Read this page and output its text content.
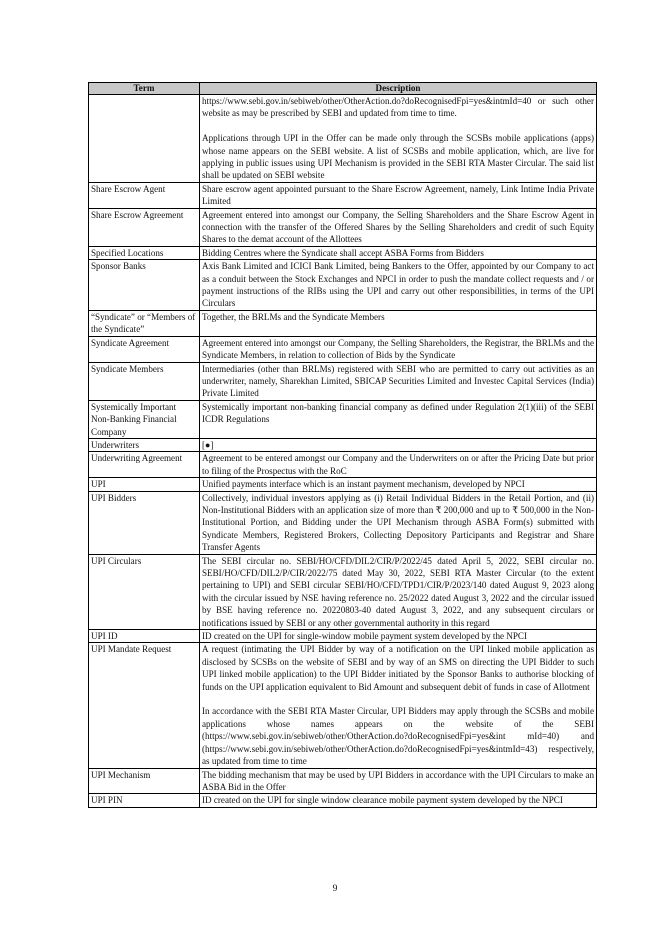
Term	Description

	https://www.sebi.gov.in/sebiweb/other/OtherAction.do?doRecognisedFpi=yes&intmId=40 or such other website as may be prescribed by SEBI and updated from time to time.

Applications through UPI in the Offer can be made only through the SCSBs mobile applications (apps) whose name appears on the SEBI website. A list of SCSBs and mobile application, which, are live for applying in public issues using UPI Mechanism is provided in the SEBI RTA Master Circular. The said list shall be updated on SEBI website

Share Escrow Agent	Share escrow agent appointed pursuant to the Share Escrow Agreement, namely, Link Intime India Private Limited

Share Escrow Agreement	Agreement entered into amongst our Company, the Selling Shareholders and the Share Escrow Agent in connection with the transfer of the Offered Shares by the Selling Shareholders and credit of such Equity Shares to the demat account of the Allottees

Specified Locations	Bidding Centres where the Syndicate shall accept ASBA Forms from Bidders

Sponsor Banks	Axis Bank Limited and ICICI Bank Limited, being Bankers to the Offer, appointed by our Company to act as a conduit between the Stock Exchanges and NPCI in order to push the mandate collect requests and / or payment instructions of the RIBs using the UPI and carry out other responsibilities, in terms of the UPI Circulars

“Syndicate” or “Members of the Syndicate”	Together, the BRLMs and the Syndicate Members

Syndicate Agreement	Agreement entered into amongst our Company, the Selling Shareholders, the Registrar, the BRLMs and the Syndicate Members, in relation to collection of Bids by the Syndicate

Syndicate Members	Intermediaries (other than BRLMs) registered with SEBI who are permitted to carry out activities as an underwriter, namely, Sharekhan Limited, SBICAP Securities Limited and Investec Capital Services (India) Private Limited

Systemically Important Non-Banking Financial Company	Systemically important non-banking financial company as defined under Regulation 2(1)(iii) of the SEBI ICDR Regulations

Underwriters	[●]

Underwriting Agreement	Agreement to be entered amongst our Company and the Underwriters on or after the Pricing Date but prior to filing of the Prospectus with the RoC

UPI	Unified payments interface which is an instant payment mechanism, developed by NPCI

UPI Bidders	Collectively, individual investors applying as (i) Retail Individual Bidders in the Retail Portion, and (ii) Non-Institutional Bidders with an application size of more than ₹ 200,000 and up to ₹ 500,000 in the Non-Institutional Portion, and Bidding under the UPI Mechanism through ASBA Form(s) submitted with Syndicate Members, Registered Brokers, Collecting Depository Participants and Registrar and Share Transfer Agents

UPI Circulars	The SEBI circular no. SEBI/HO/CFD/DIL2/CIR/P/2022/45 dated April 5, 2022, SEBI circular no. SEBI/HO/CFD/DIL2/P/CIR/2022/75 dated May 30, 2022, SEBI RTA Master Circular (to the extent pertaining to UPI) and SEBI circular SEBI/HO/CFD/TPD1/CIR/P/2023/140 dated August 9, 2023 along with the circular issued by NSE having reference no. 25/2022 dated August 3, 2022 and the circular issued by BSE having reference no. 20220803-40 dated August 3, 2022, and any subsequent circulars or notifications issued by SEBI or any other governmental authority in this regard

UPI ID	ID created on the UPI for single-window mobile payment system developed by the NPCI

UPI Mandate Request	A request (intimating the UPI Bidder by way of a notification on the UPI linked mobile application as disclosed by SCSBs on the website of SEBI and by way of an SMS on directing the UPI Bidder to such UPI linked mobile application) to the UPI Bidder initiated by the Sponsor Banks to authorise blocking of funds on the UPI application equivalent to Bid Amount and subsequent debit of funds in case of Allotment

In accordance with the SEBI RTA Master Circular, UPI Bidders may apply through the SCSBs and mobile applications whose names appears on the website of the SEBI (https://www.sebi.gov.in/sebiweb/other/OtherAction.do?doRecognisedFpi=yes&int mId=40) and (https://www.sebi.gov.in/sebiweb/other/OtherAction.do?doRecognisedFpi=yes&intmId=43) respectively, as updated from time to time

UPI Mechanism	The bidding mechanism that may be used by UPI Bidders in accordance with the UPI Circulars to make an ASBA Bid in the Offer

UPI PIN	ID created on the UPI for single window clearance mobile payment system developed by the NPCI

9
